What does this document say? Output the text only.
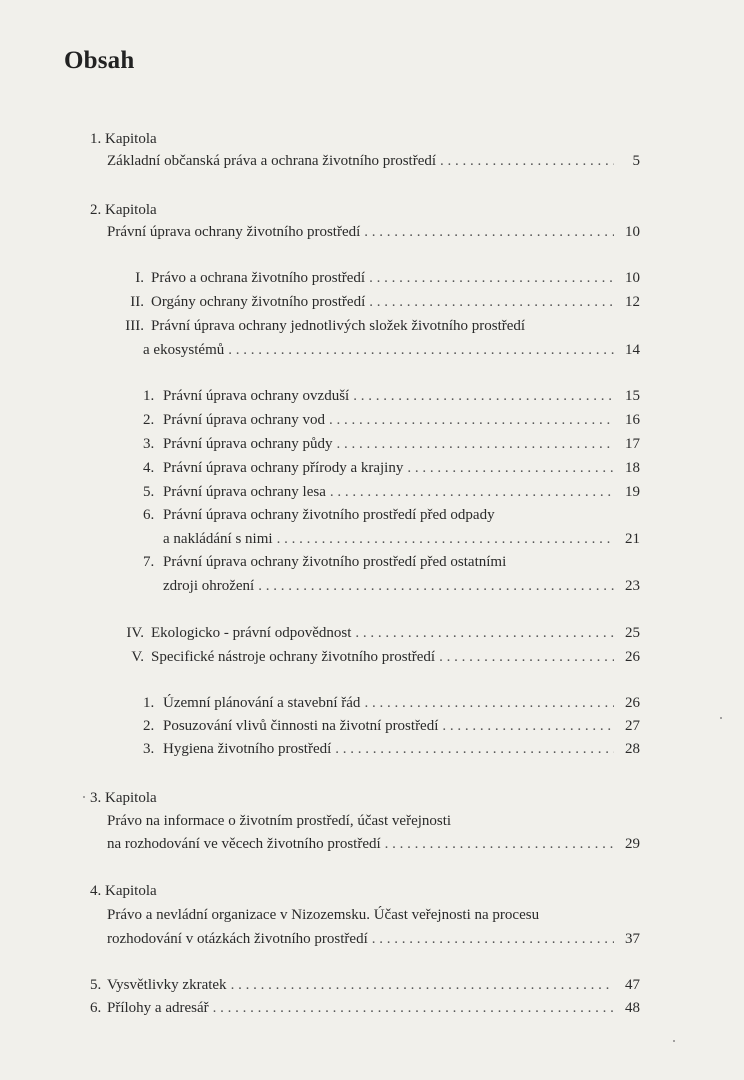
Obsah
1. Kapitola
Základní občanská práva a ochrana životního prostředí . . .	5
2. Kapitola
Právní úprava ochrany životního prostředí . . .	10
I. Právo a ochrana životního prostředí . . .	10
II. Orgány ochrany životního prostředí . . .	12
III. Právní úprava ochrany jednotlivých složek životního prostředí
a ekosystémů . . .	14
1. Právní úprava ochrany ovzduší . . .	15
2. Právní úprava ochrany vod . . .	16
3. Právní úprava ochrany půdy . . .	17
4. Právní úprava ochrany přírody a krajiny . . .	18
5. Právní úprava ochrany lesa . . .	19
6. Právní úprava ochrany životního prostředí před odpady
a nakládání s nimi . . .	21
7. Právní úprava ochrany životního prostředí před ostatními
zdroji ohrožení . . .	23
IV. Ekologicko - právní odpovědnost . . .	25
V. Specifické nástroje ochrany životního prostředí . . .	26
1. Územní plánování a stavební řád . . .	26
2. Posuzování vlivů činnosti na životní prostředí . . .	27
3. Hygiena životního prostředí . . .	28
3. Kapitola
Právo na informace o životním prostředí, účast veřejnosti
na rozhodování ve věcech životního prostředí . . .	29
4. Kapitola
Právo a nevládní organizace v Nizozemsku. Účast veřejnosti na procesu
rozhodování v otázkách životního prostředí . . .	37
5. Vysvětlivky zkratek . . .	47
6. Přílohy a adresář . . .	48
